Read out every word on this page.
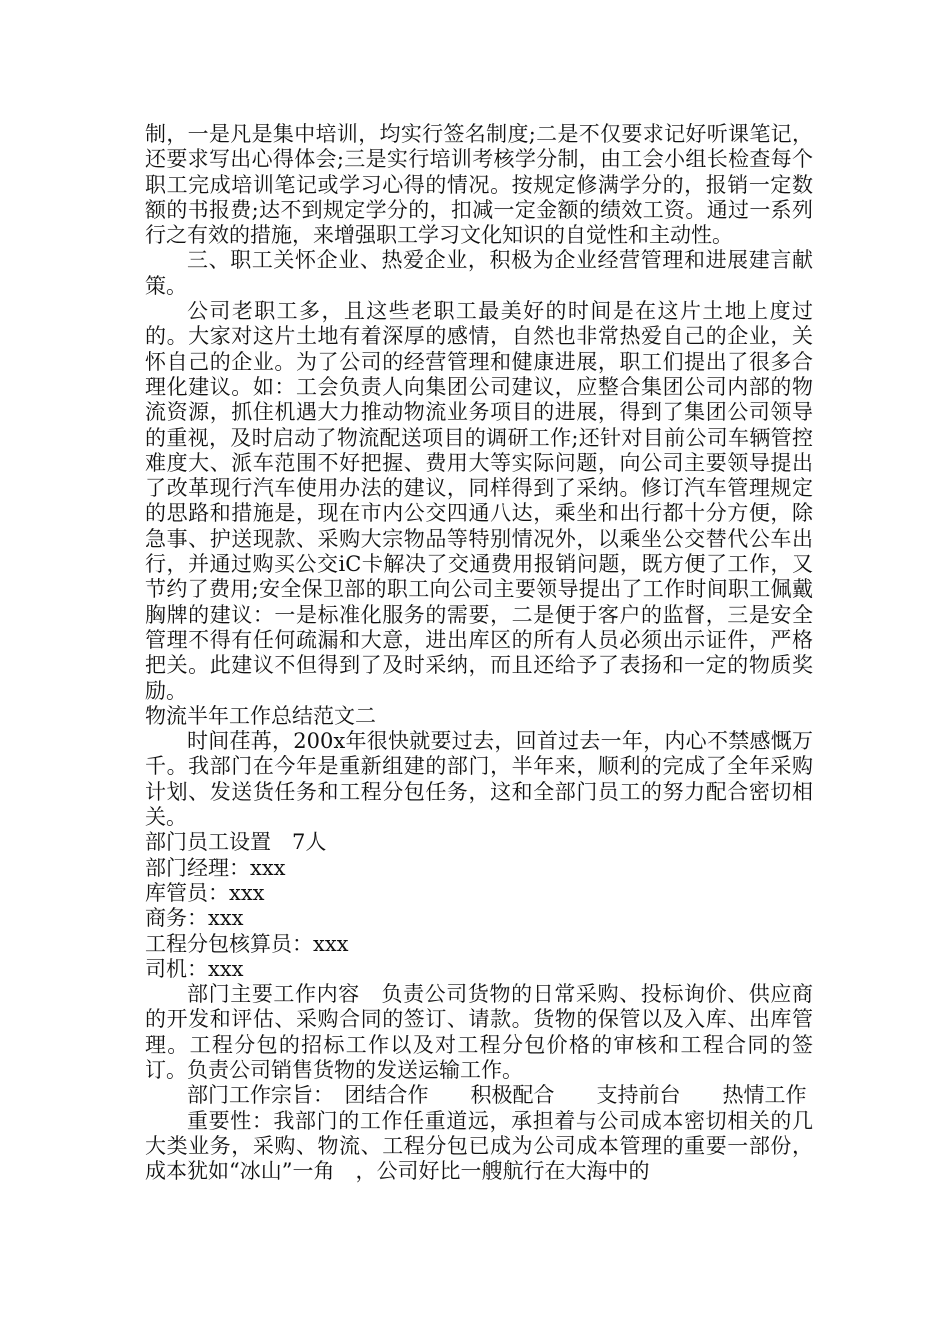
制，一是凡是集中培训，均实行签名制度;二是不仅要求记好听课笔记，还要求写出心得体会;三是实行培训考核学分制，由工会小组长检查每个职工完成培训笔记或学习心得的情况。按规定修满学分的，报销一定数额的书报费;达不到规定学分的，扣减一定金额的绩效工资。通过一系列行之有效的措施，来增强职工学习文化知识的自觉性和主动性。

三、职工关怀企业、热爱企业，积极为企业经营管理和进展建言献策。

公司老职工多，且这些老职工最美好的时间是在这片土地上度过的。大家对这片土地有着深厚的感情，自然也非常热爱自己的企业，关怀自己的企业。为了公司的经营管理和健康进展，职工们提出了很多合理化建议。如：工会负责人向集团公司建议，应整合集团公司内部的物流资源，抓住机遇大力推动物流业务项目的进展，得到了集团公司领导的重视，及时启动了物流配送项目的调研工作;还针对目前公司车辆管控难度大、派车范围不好把握、费用大等实际问题，向公司主要领导提出了改革现行汽车使用办法的建议，同样得到了采纳。修订汽车管理规定的思路和措施是，现在市内公交四通八达，乘坐和出行都十分方便，除急事、护送现款、采购大宗物品等特别情况外，以乘坐公交替代公车出行，并通过购买公交iC卡解决了交通费用报销问题，既方便了工作，又节约了费用;安全保卫部的职工向公司主要领导提出了工作时间职工佩戴胸牌的建议：一是标准化服务的需要，二是便于客户的监督，三是安全管理不得有任何疏漏和大意，进出库区的所有人员必须出示证件，严格把关。此建议不但得到了及时采纳，而且还给予了表扬和一定的物质奖励。

物流半年工作总结范文二

时间荏苒，200x年很快就要过去，回首过去一年，内心不禁感慨万千。我部门在今年是重新组建的部门，半年来，顺利的完成了全年采购计划、发送货任务和工程分包任务，这和全部门员工的努力配合密切相关。

部门员工设置　7人

部门经理：xxx

库管员：xxx

商务：xxx

工程分包核算员：xxx

司机：xxx

部门主要工作内容　负责公司货物的日常采购、投标询价、供应商的开发和评估、采购合同的签订、请款。货物的保管以及入库、出库管理。工程分包的招标工作以及对工程分包价格的审核和工程合同的签订。负责公司销售货物的发送运输工作。

部门工作宗旨：　团结合作　　积极配合　　支持前台　　热情工作

重要性：我部门的工作任重道远，承担着与公司成本密切相关的几大类业务，采购、物流、工程分包已成为公司成本管理的重要一部份，成本犹如“冰山”一角　，公司好比一艘航行在大海中的
